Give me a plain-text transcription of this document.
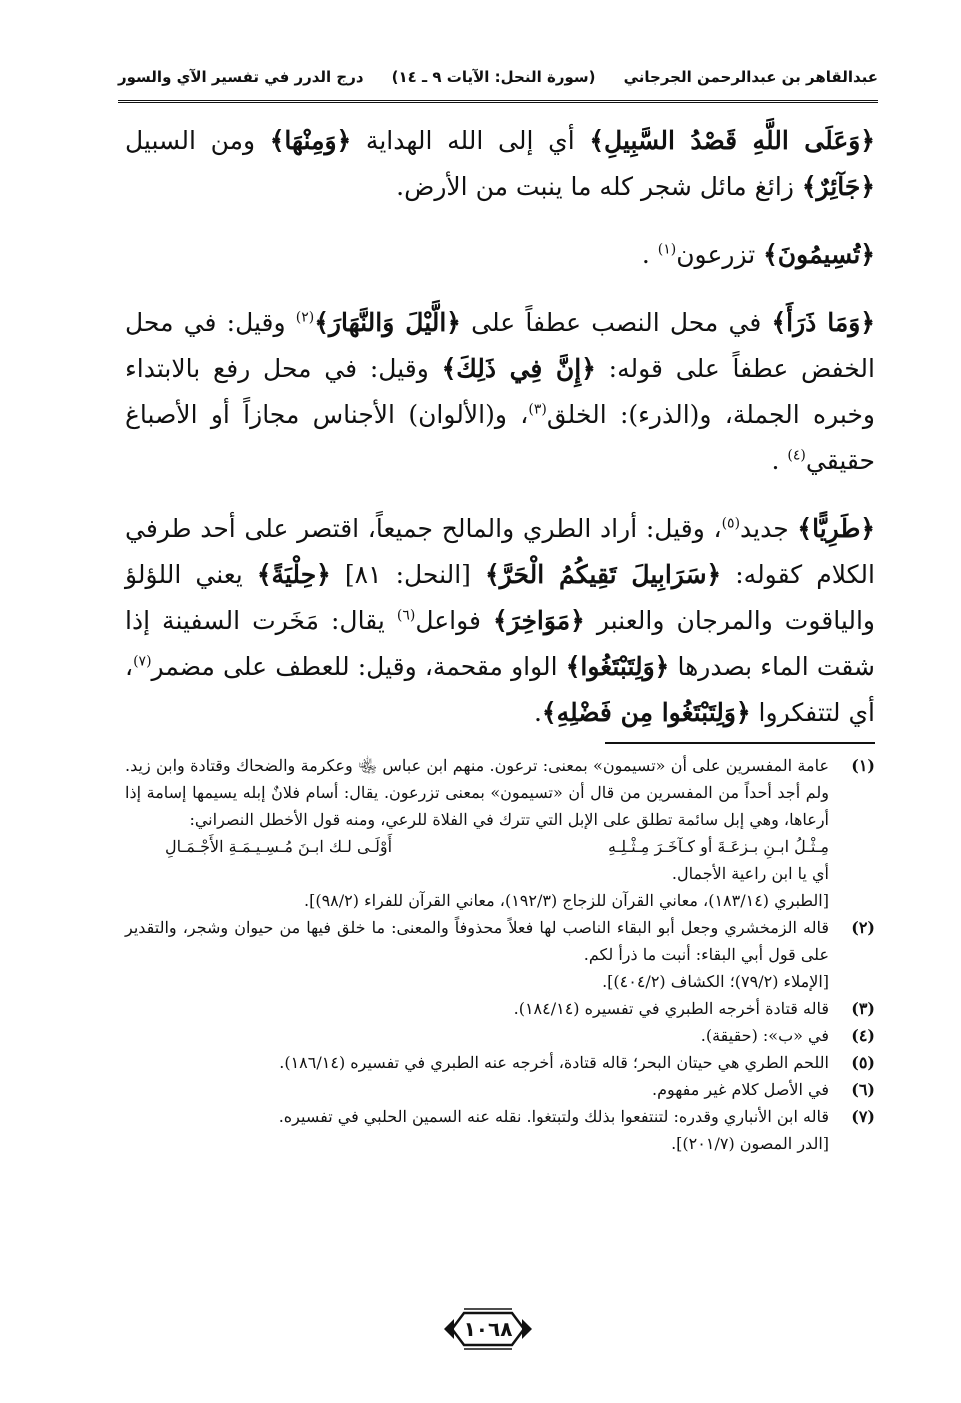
عبدالقاهر بن عبدالرحمن الجرجاني
(سورة النحل: الآيات ٩ ـ ١٤)
درج الدرر في تفسير الآي والسور

﴿وَعَلَى اللَّهِ قَصْدُ السَّبِيلِ﴾ أي إلى الله الهداية ﴿وَمِنْهَا﴾ ومن السبيل ﴿جَآئِرٌ﴾ زائغ مائل شجر كله ما ينبت من الأرض.

﴿تُسِيمُونَ﴾ تزرعون$^{(١)}$ .

﴿وَمَا ذَرَأَ﴾ في محل النصب عطفاً على ﴿الَّيْلَ وَالنَّهَارَ﴾$^{(٢)}$ وقيل: في محل الخفض عطفاً على قوله: ﴿إِنَّ فِي ذَلِكَ﴾ وقيل: في محل رفع بالابتداء وخبره الجملة، و(الذرء): الخلق$^{(٣)}$، و(الألوان) الأجناس مجازاً أو الأصباغ حقيقي$^{(٤)}$ .

﴿طَرِيًّا﴾ جديد$^{(٥)}$، وقيل: أراد الطري والمالح جميعاً، اقتصر على أحد طرفي الكلام كقوله: ﴿سَرَابِيلَ تَقِيكُمُ الْحَرَّ﴾ [النحل: ٨١] ﴿حِلْيَةً﴾ يعني اللؤلؤ والياقوت والمرجان والعنبر ﴿مَوَاخِرَ﴾ فواعل$^{(٦)}$ يقال: مَخَرت السفينة إذا شقت الماء بصدرها ﴿وَلِتَبْتَغُوا﴾ الواو مقحمة، وقيل: للعطف على مضمر$^{(٧)}$، أي لتتفكروا ﴿وَلِتَبْتَغُوا مِن فَضْلِهِ﴾.

(١)
عامة المفسرين على أن «تسيمون» بمعنى: ترعون. منهم ابن عباس ﵄ وعكرمة والضحاك وقتادة وابن زيد. ولم أجد أحداً من المفسرين من قال أن «تسيمون» بمعنى تزرعون. يقال: أسام فلانٌ إبله يسيمها إسامة إذا أرعاها، وهي إبل سائمة تطلق على الإبل التي تترك في الفلاة للرعي، ومنه قول الأخطل النصراني:
مِـثْـلُ ابـنِ بـزعَـةَ أو كـآخَـرَ مِـثْـلِـهِ
أَوْلَـى لـك ابـنَ مُـسِـيـمَـةِ الأَجْـمَـالِ
أي يا ابن راعية الأجمال.
[الطبري (١٨٣/١٤)، معاني القرآن للزجاج (١٩٢/٣)، معاني القرآن للفراء (٩٨/٢)].
(٢)
قاله الزمخشري وجعل أبو البقاء الناصب لها فعلاً محذوفاً والمعنى: ما خلق فيها من حيوان وشجر، والتقدير على قول أبي البقاء: أنبت ما ذرأ لكم.
[الإملاء (٧٩/٢)؛ الكشاف (٤٠٤/٢)].
(٣)
قاله قتادة أخرجه الطبري في تفسيره (١٨٤/١٤).
(٤)
في «ب»: (حقيقة).
(٥)
اللحم الطري هي حيتان البحر؛ قاله قتادة، أخرجه عنه الطبري في تفسيره (١٨٦/١٤).
(٦)
في الأصل كلام غير مفهوم.
(٧)
قاله ابن الأنباري وقدره: لتنتفعوا بذلك ولتبتغوا. نقله عنه السمين الحلبي في تفسيره.
[الدر المصون (٢٠١/٧)].
١٠٦٨
